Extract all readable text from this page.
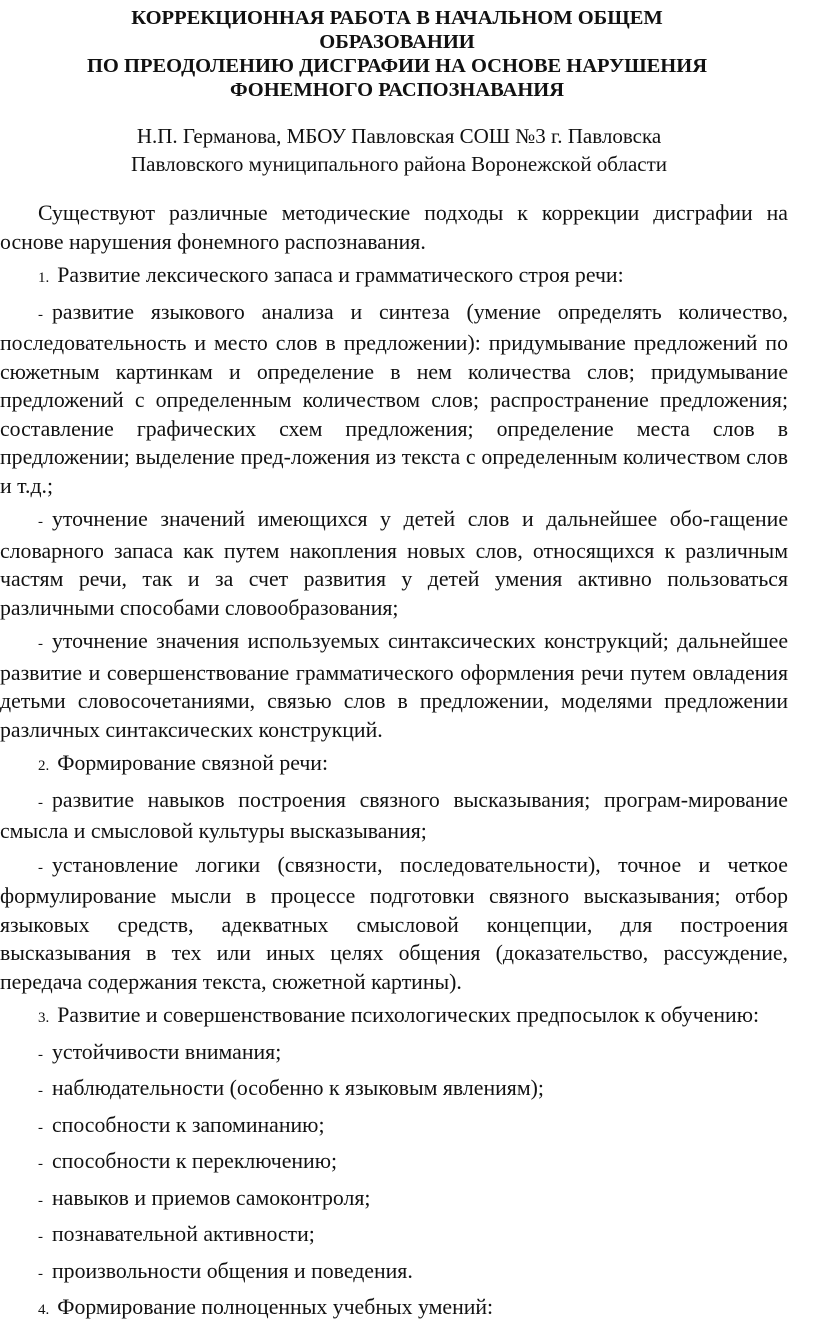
КОРРЕКЦИОННАЯ РАБОТА В НАЧАЛЬНОМ ОБЩЕМ
ОБРАЗОВАНИИ
ПО ПРЕОДОЛЕНИЮ ДИСГРАФИИ НА ОСНОВЕ НАРУШЕНИЯ
ФОНЕМНОГО РАСПОЗНАВАНИЯ
Н.П. Германова, МБОУ Павловская СОШ №3 г. Павловска
Павловского муниципального района Воронежской области

Существуют различные методические подходы к коррекции дисграфии на основе нарушения фонемного распознавания.

1. Развитие лексического запаса и грамматического строя речи:

- развитие языкового анализа и синтеза (умение определять количество, последовательность и место слов в предложении): придумывание предложений по сюжетным картинкам и определение в нем количества слов; придумывание предложений с определенным количеством слов; распространение предложения; составление графических схем предложения; определение места слов в предложении; выделение пред-ложения из текста с определенным количеством слов и т.д.;

- уточнение значений имеющихся у детей слов и дальнейшее обо-гащение словарного запаса как путем накопления новых слов, относящихся к различным частям речи, так и за счет развития у детей умения активно пользоваться различными способами словообразования;

- уточнение значения используемых синтаксических конструкций; дальнейшее развитие и совершенствование грамматического оформления речи путем овладения детьми словосочетаниями, связью слов в предложении, моделями предложении различных синтаксических конструкций.

2. Формирование связной речи:

- развитие навыков построения связного высказывания; програм-мирование смысла и смысловой культуры высказывания;

- установление логики (связности, последовательности), точное и четкое формулирование мысли в процессе подготовки связного высказывания; отбор языковых средств, адекватных смысловой концепции, для построения высказывания в тех или иных целях общения (доказательство, рассуждение, передача содержания текста, сюжетной картины).

3. Развитие и совершенствование психологических предпосылок к обучению:

- устойчивости внимания;

- наблюдательности (особенно к языковым явлениям);

- способности к запоминанию;

- способности к переключению;

- навыков и приемов самоконтроля;

- познавательной активности;

- произвольности общения и поведения.

4. Формирование полноценных учебных умений:
